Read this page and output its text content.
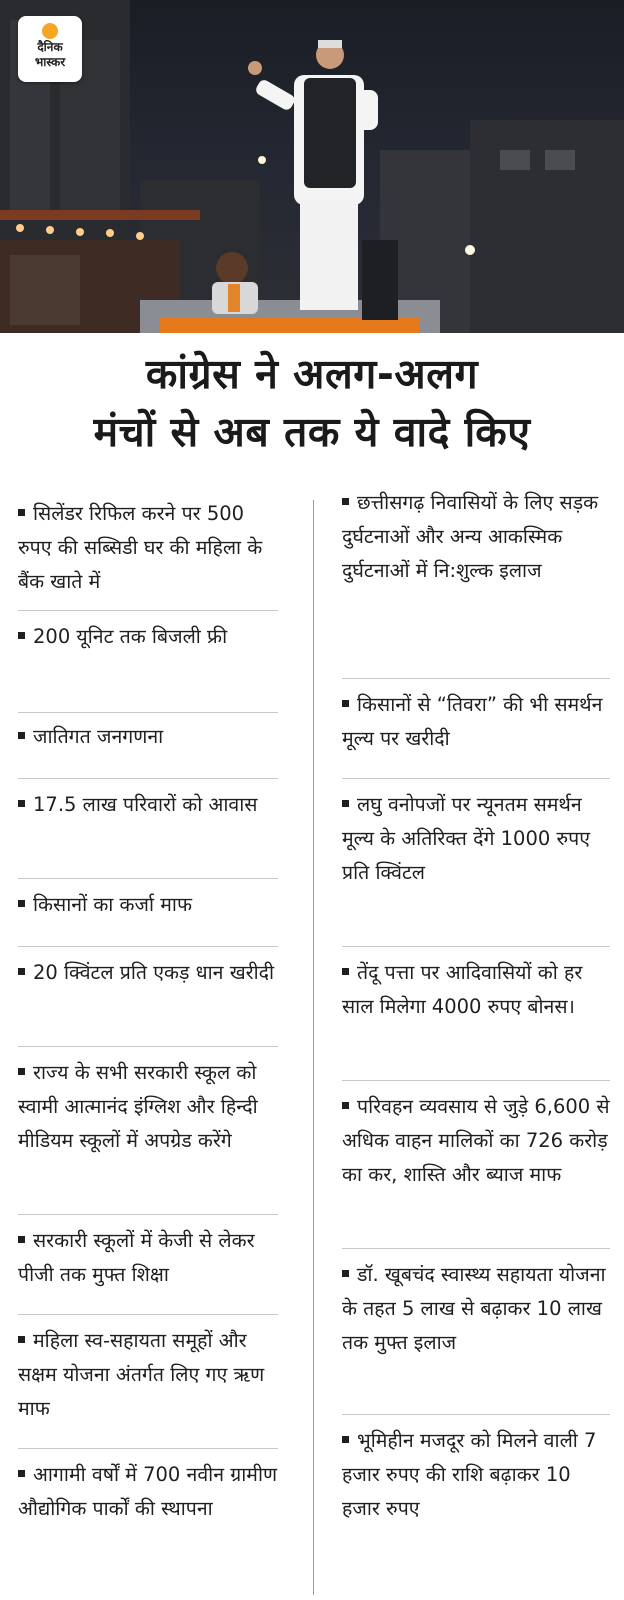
दैनिक
भास्कर
कांग्रेस ने अलग-अलग
मंचों से अब तक ये वादे किए
सिलेंडर रिफिल करने पर 500 रुपए की सब्सिडी घर की महिला के बैंक खाते में
200 यूनिट तक बिजली फ्री
जातिगत जनगणना
17.5 लाख परिवारों को आवास
किसानों का कर्जा माफ
20 क्विंटल प्रति एकड़ धान खरीदी
राज्य के सभी सरकारी स्कूल को स्वामी आत्मानंद इंग्लिश और हिन्दी मीडियम स्कूलों में अपग्रेड करेंगे
सरकारी स्कूलों में केजी से लेकर पीजी तक मुफ्त शिक्षा
महिला स्व-सहायता समूहों और सक्षम योजना अंतर्गत लिए गए ऋण माफ
आगामी वर्षों में 700 नवीन ग्रामीण औद्योगिक पार्कों की स्थापना
छत्तीसगढ़ निवासियों के लिए सड़क दुर्घटनाओं और अन्य आकस्मिक दुर्घटनाओं में नि:शुल्क इलाज
किसानों से “तिवरा” की भी समर्थन मूल्य पर खरीदी
लघु वनोपजों पर न्यूनतम समर्थन मूल्य के अतिरिक्त देंगे 1000 रुपए प्रति क्विंटल
तेंदू पत्ता पर आदिवासियों को हर साल मिलेगा 4000 रुपए बोनस।
परिवहन व्यवसाय से जुड़े 6,600 से अधिक वाहन मालिकों का 726 करोड़ का कर, शास्ति और ब्याज माफ
डॉ. खूबचंद स्वास्थ्य सहायता योजना के तहत 5 लाख से बढ़ाकर 10 लाख तक मुफ्त इलाज
भूमिहीन मजदूर को मिलने वाली 7 हजार रुपए की राशि बढ़ाकर 10 हजार रुपए
